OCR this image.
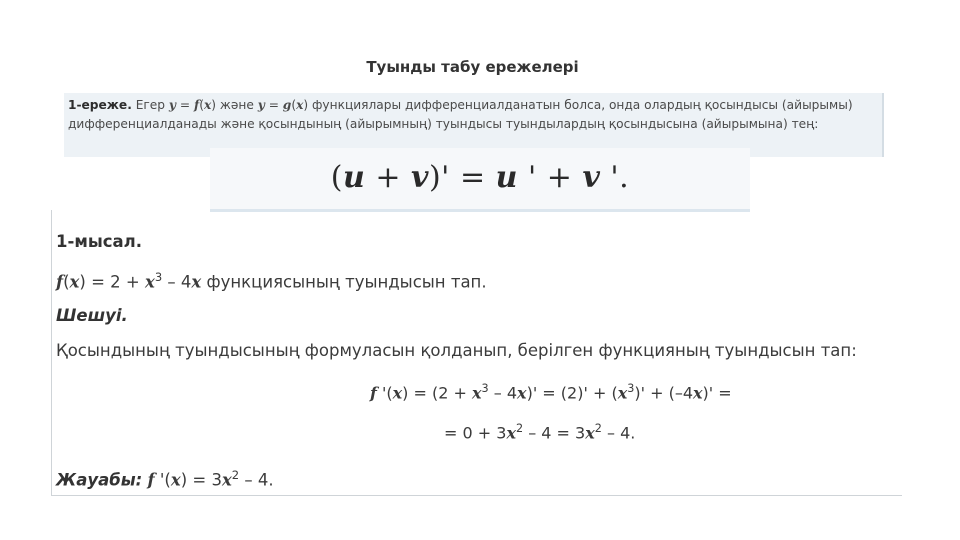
Туынды табу ережелері
1-ереже. Егер y = f(x) және y = g(x) функциялары дифференциалданатын болса, онда олардың қосындысы (айырымы) дифференциалданады және қосындының (айырымның) туындысы туындылардың қосындысына (айырымына) тең:
(u + v)' = u ' + v '.
1-мысал.
$f(x) = 2 + x^3 - 4x$ функциясының туындысын тап.
Шешуі.
Қосындының туындысының формуласын қолданып, берілген функцияның туындысын тап:
f '$(x) = (2 + x^3 - 4x)' = (2)' + (x^3)' + (-4x)$' =
= $0 + 3x^2 - 4 = 3x^2 - 4$.
Жауабы: f '$(x) = 3x^2 - 4$.
